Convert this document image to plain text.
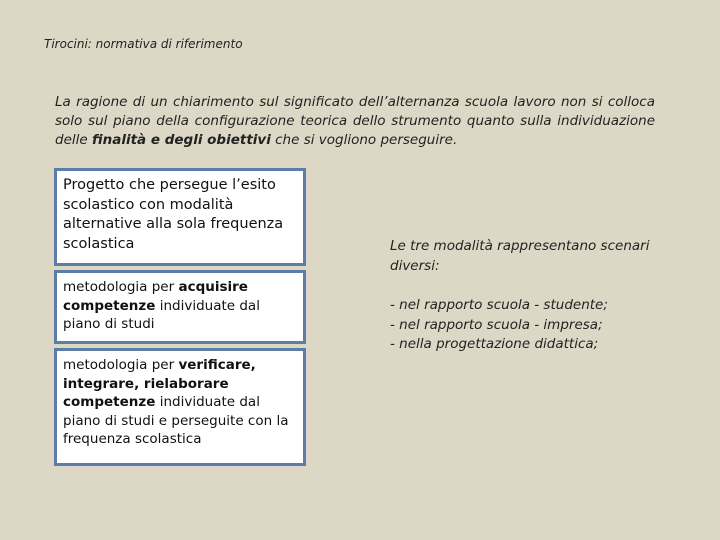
Tirocini: normativa di riferimento
La ragione di un chiarimento sul significato dell’alternanza scuola lavoro non si colloca solo sul piano della configurazione teorica dello strumento quanto sulla individuazione delle finalità e degli obiettivi che si vogliono perseguire.
Progetto che persegue l’esito scolastico con modalità alternative alla sola frequenza scolastica
metodologia per acquisire competenze individuate dal piano di studi
metodologia per verificare, integrare, rielaborare competenze individuate dal piano di studi e perseguite con la frequenza scolastica
Le tre modalità rappresentano scenari diversi:
- nel rapporto scuola - studente;
- nel rapporto scuola - impresa;
- nella progettazione didattica;
